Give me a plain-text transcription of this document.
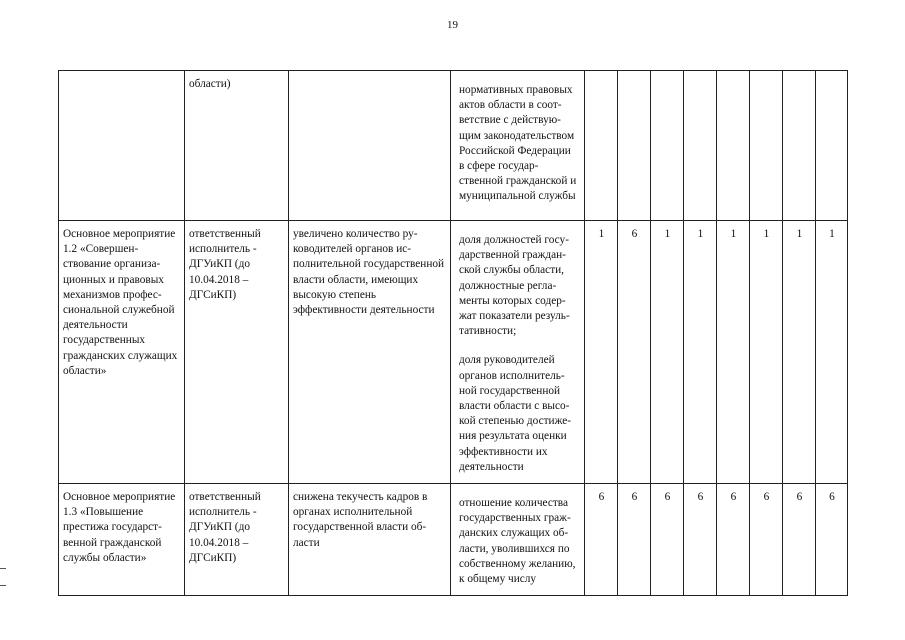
19
	области)		нормативных правовых актов области в соответствие с действующим законодательством Российской Федерации в сфере государственной гражданской и муниципальной службы								

Основное мероприятие 1.2 «Совершенствование организационных и правовых механизмов профессиональной служебной деятельности государственных гражданских служащих области»	ответственный исполнитель - ДГУиКП (до 10.04.2018 – ДГСиКП)	увеличено количество руководителей органов исполнительной государственной власти области, имеющих высокую степень эффективности деятельности	доля должностей государственной гражданской службы области, должностные регламенты которых содержат показатели результативности;
доля руководителей органов исполнительной государственной власти области с высокой степенью достижения результата оценки эффективности их деятельности	1	6	1	1	1	1	1	1
Основное мероприятие 1.3 «Повышение престижа государственной гражданской службы области»	ответственный исполнитель - ДГУиКП (до 10.04.2018 – ДГСиКП)	снижена текучесть кадров в органах исполнительной государственной власти области	отношение количества государственных гражданских служащих области, уволившихся по собственному желанию, к общему числу	6	6	6	6	6	6	6	6
